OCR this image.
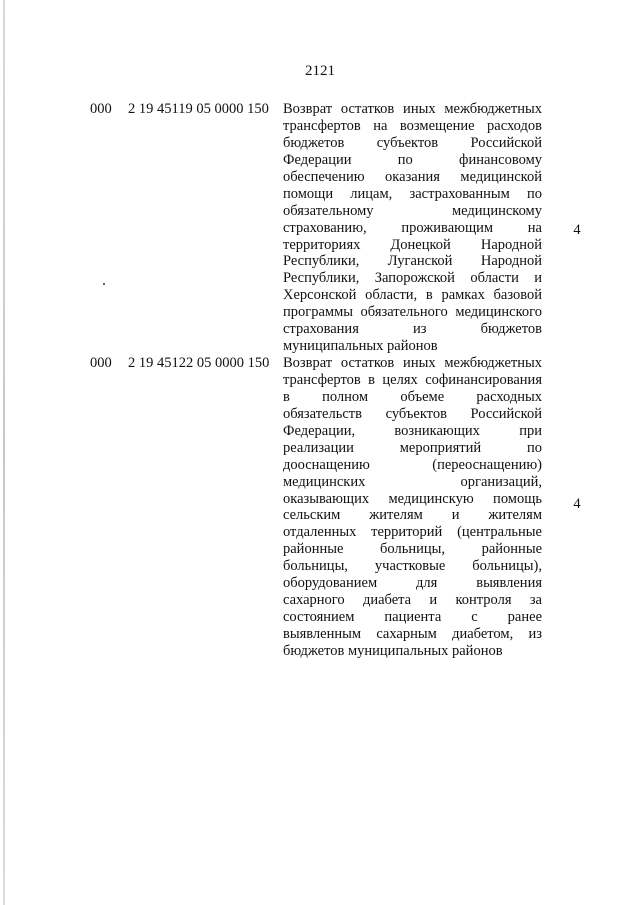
2121
000 2 19 45119 05 0000 150 Возврат остатков иных межбюджетных
трансфертов на возмещение расходов
бюджетов субъектов Российской
Федерации по финансовому
обеспечению оказания медицинской
помощи лицам, застрахованным по
обязательному медицинскому
страхованию, проживающим на
территориях Донецкой Народной
Республики, Луганской Народной
Республики, Запорожской области и
Херсонской области, в рамках базовой
программы обязательного медицинского
страхования из бюджетов
муниципальных районов
4
000 2 19 45122 05 0000 150 Возврат остатков иных межбюджетных
трансфертов в целях софинансирования
в полном объеме расходных
обязательств субъектов Российской
Федерации, возникающих при
реализации мероприятий по
дооснащению (переоснащению)
медицинских организаций,
оказывающих медицинскую помощь
сельским жителям и жителям
отдаленных территорий (центральные
районные больницы, районные
больницы, участковые больницы),
оборудованием для выявления
сахарного диабета и контроля за
состоянием пациента с ранее
выявленным сахарным диабетом, из
бюджетов муниципальных районов
4
